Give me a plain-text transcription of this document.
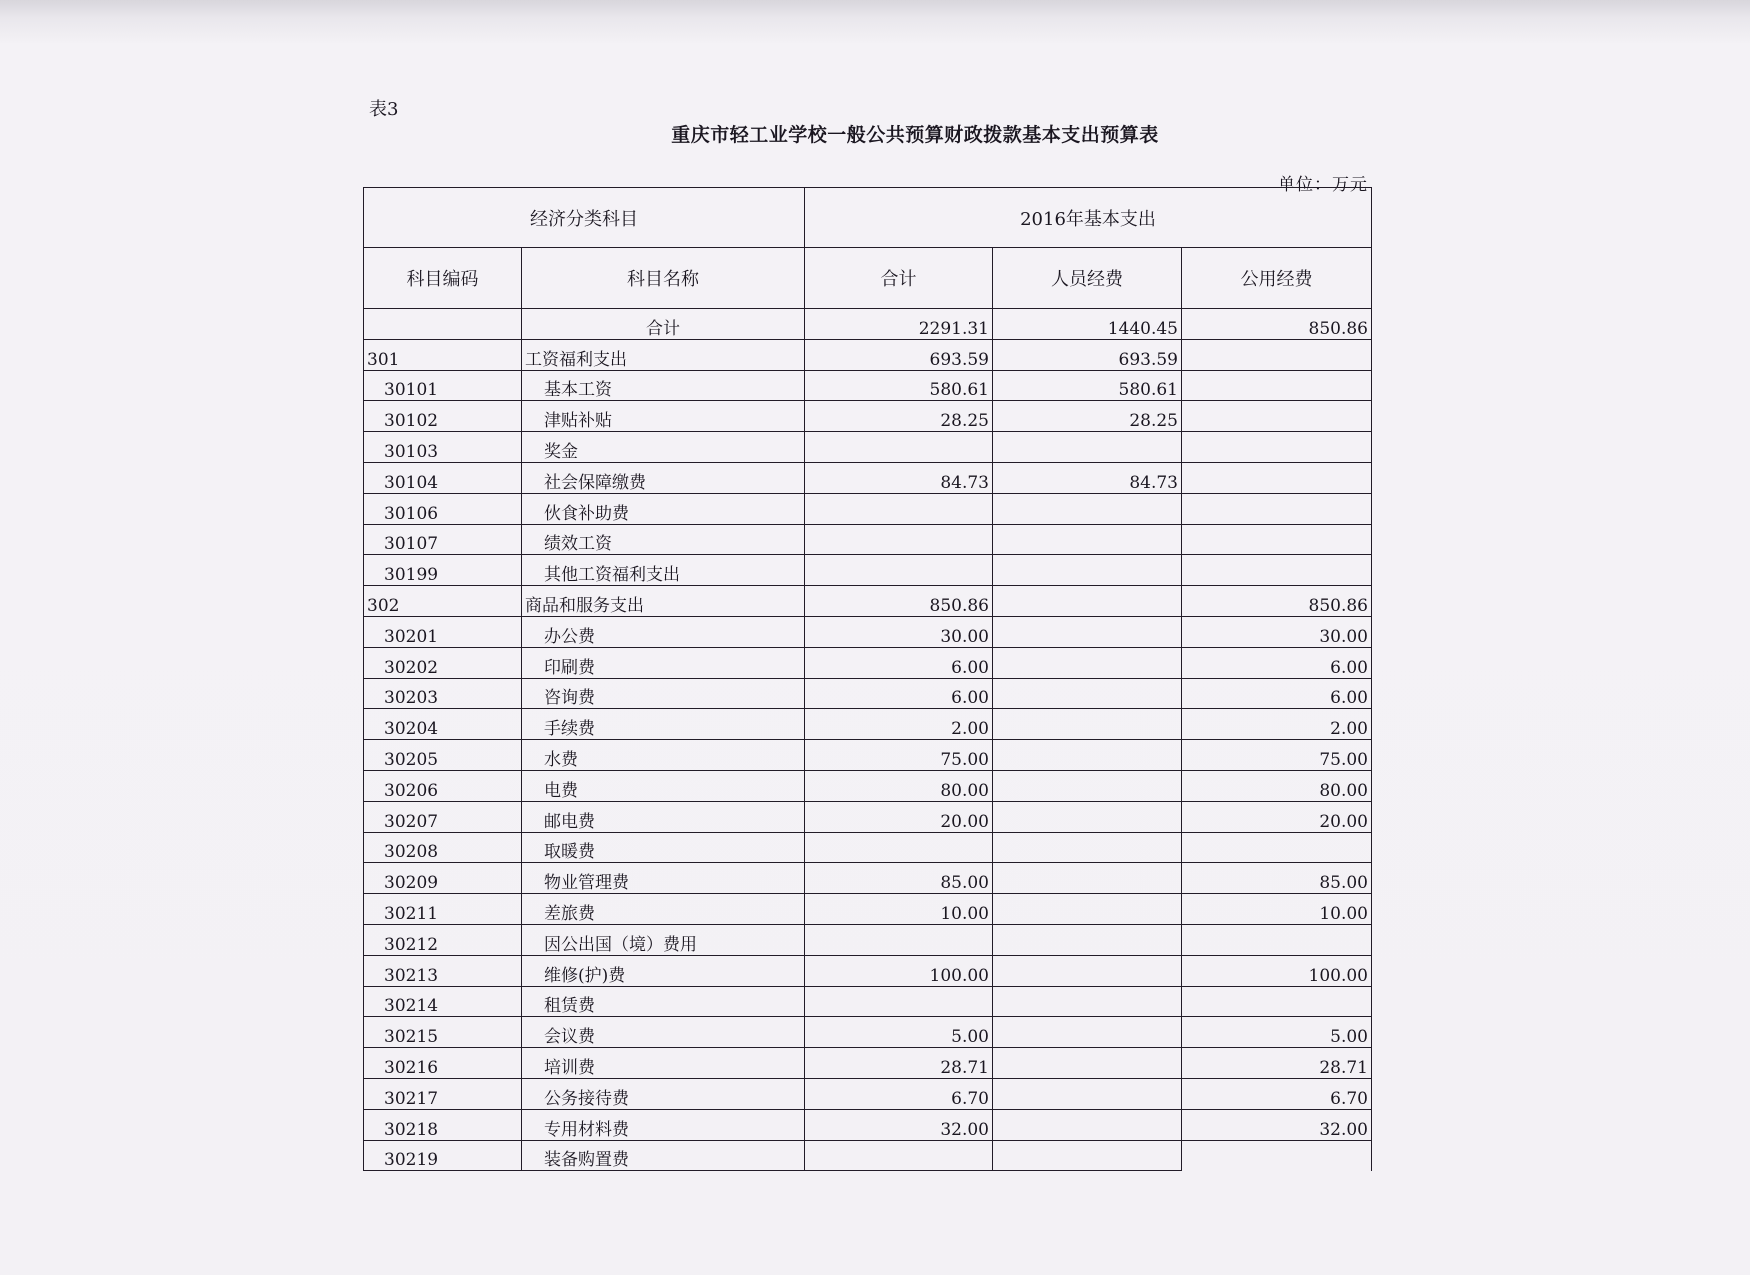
表3
重庆市轻工业学校一般公共预算财政拨款基本支出预算表
单位：万元
经济分类科目		2016年基本支出		
科目编码	科目名称	合计	人员经费	公用经费
	合计	2291.31	1440.45	850.86
301	工资福利支出	693.59	693.59	
30101	基本工资	580.61	580.61	
30102	津贴补贴	28.25	28.25	
30103	奖金			
30104	社会保障缴费	84.73	84.73	
30106	伙食补助费			
30107	绩效工资			
30199	其他工资福利支出			
302	商品和服务支出	850.86		850.86
30201	办公费	30.00		30.00
30202	印刷费	6.00		6.00
30203	咨询费	6.00		6.00
30204	手续费	2.00		2.00
30205	水费	75.00		75.00
30206	电费	80.00		80.00
30207	邮电费	20.00		20.00
30208	取暖费			
30209	物业管理费	85.00		85.00
30211	差旅费	10.00		10.00
30212	因公出国（境）费用			
30213	维修(护)费	100.00		100.00
30214	租赁费			
30215	会议费	5.00		5.00
30216	培训费	28.71		28.71
30217	公务接待费	6.70		6.70
30218	专用材料费	32.00		32.00
30219	装备购置费			
